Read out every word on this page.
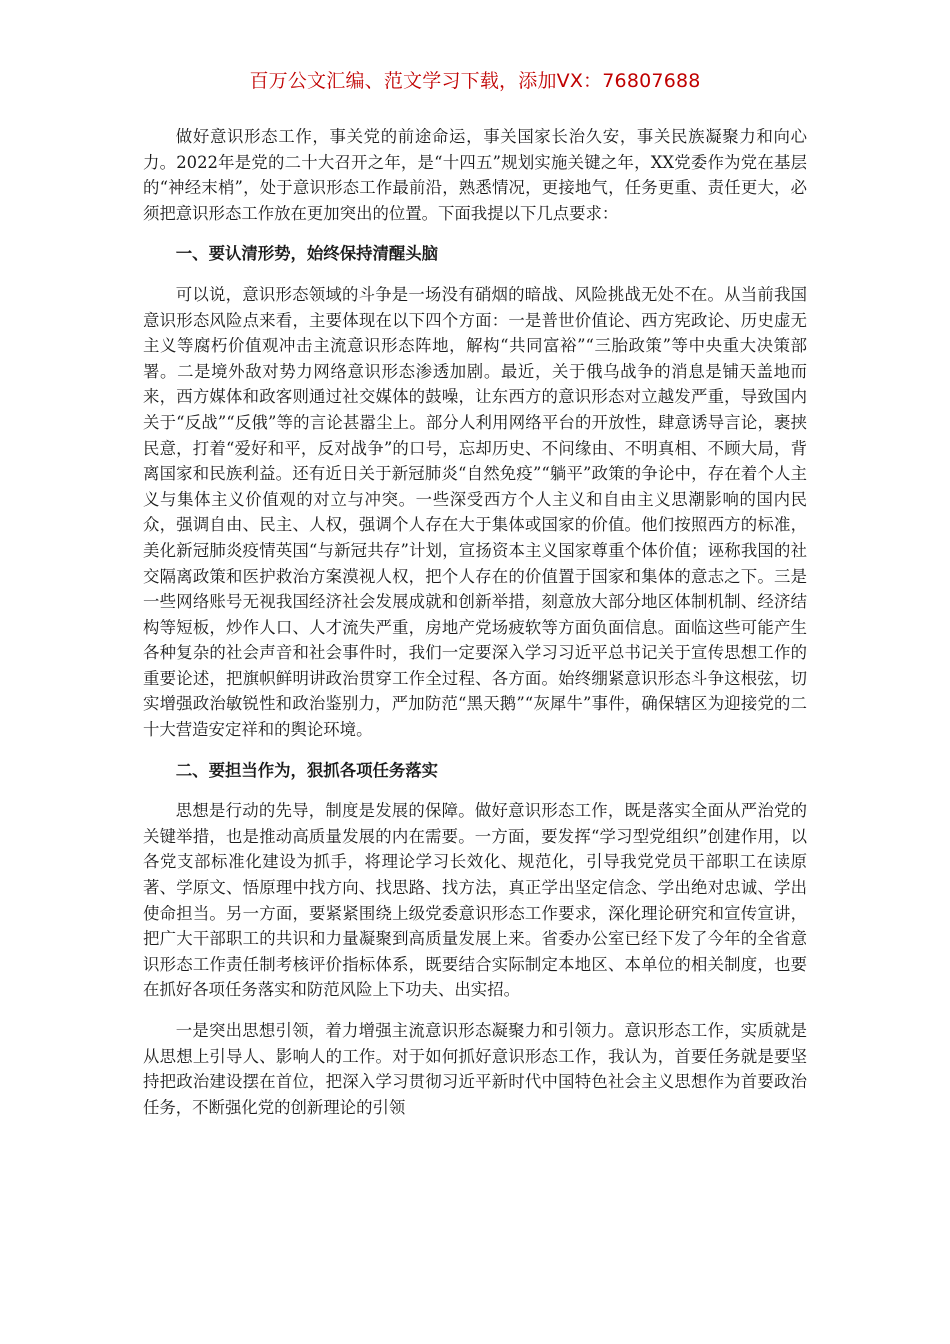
百万公文汇编、范文学习下载，添加VX：76807688

做好意识形态工作，事关党的前途命运，事关国家长治久安，事关民族凝聚力和向心力。2022年是党的二十大召开之年，是“十四五”规划实施关键之年，XX党委作为党在基层的“神经末梢”，处于意识形态工作最前沿，熟悉情况，更接地气，任务更重、责任更大，必须把意识形态工作放在更加突出的位置。下面我提以下几点要求：

一、要认清形势，始终保持清醒头脑

可以说，意识形态领域的斗争是一场没有硝烟的暗战、风险挑战无处不在。从当前我国意识形态风险点来看，主要体现在以下四个方面：一是普世价值论、西方宪政论、历史虚无主义等腐朽价值观冲击主流意识形态阵地，解构“共同富裕”“三胎政策”等中央重大决策部署。二是境外敌对势力网络意识形态渗透加剧。最近，关于俄乌战争的消息是铺天盖地而来，西方媒体和政客则通过社交媒体的鼓噪，让东西方的意识形态对立越发严重，导致国内关于“反战”“反俄”等的言论甚嚣尘上。部分人利用网络平台的开放性，肆意诱导言论，裹挟民意，打着“爱好和平，反对战争”的口号，忘却历史、不问缘由、不明真相、不顾大局，背离国家和民族利益。还有近日关于新冠肺炎“自然免疫”“躺平”政策的争论中，存在着个人主义与集体主义价值观的对立与冲突。一些深受西方个人主义和自由主义思潮影响的国内民众，强调自由、民主、人权，强调个人存在大于集体或国家的价值。他们按照西方的标准，美化新冠肺炎疫情英国“与新冠共存”计划，宣扬资本主义国家尊重个体价值；诬称我国的社交隔离政策和医护救治方案漠视人权，把个人存在的价值置于国家和集体的意志之下。三是一些网络账号无视我国经济社会发展成就和创新举措，刻意放大部分地区体制机制、经济结构等短板，炒作人口、人才流失严重，房地产党场疲软等方面负面信息。面临这些可能产生各种复杂的社会声音和社会事件时，我们一定要深入学习习近平总书记关于宣传思想工作的重要论述，把旗帜鲜明讲政治贯穿工作全过程、各方面。始终绷紧意识形态斗争这根弦，切实增强政治敏锐性和政治鉴别力，严加防范“黑天鹅”“灰犀牛”事件，确保辖区为迎接党的二十大营造安定祥和的舆论环境。

二、要担当作为，狠抓各项任务落实

思想是行动的先导，制度是发展的保障。做好意识形态工作，既是落实全面从严治党的关键举措，也是推动高质量发展的内在需要。一方面，要发挥“学习型党组织”创建作用，以各党支部标准化建设为抓手，将理论学习长效化、规范化，引导我党党员干部职工在读原著、学原文、悟原理中找方向、找思路、找方法，真正学出坚定信念、学出绝对忠诚、学出使命担当。另一方面，要紧紧围绕上级党委意识形态工作要求，深化理论研究和宣传宣讲，把广大干部职工的共识和力量凝聚到高质量发展上来。省委办公室已经下发了今年的全省意识形态工作责任制考核评价指标体系，既要结合实际制定本地区、本单位的相关制度，也要在抓好各项任务落实和防范风险上下功夫、出实招。

一是突出思想引领，着力增强主流意识形态凝聚力和引领力。意识形态工作，实质就是从思想上引导人、影响人的工作。对于如何抓好意识形态工作，我认为，首要任务就是要坚持把政治建设摆在首位，把深入学习贯彻习近平新时代中国特色社会主义思想作为首要政治任务，不断强化党的创新理论的引领
